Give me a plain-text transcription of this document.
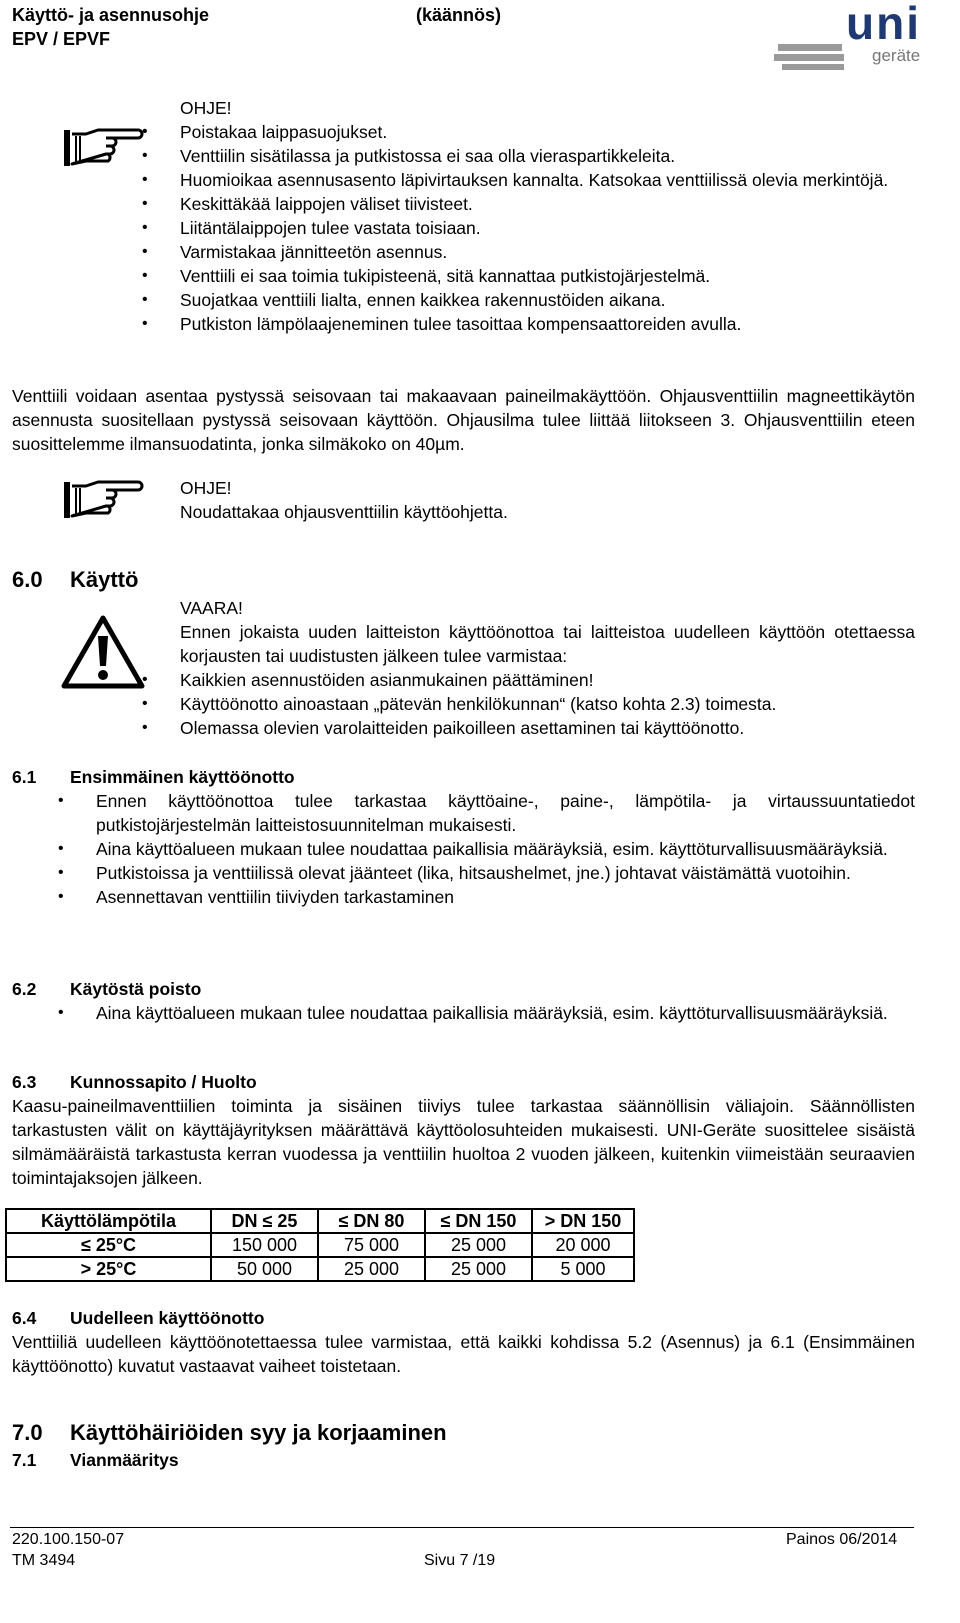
Käyttö- ja asennusohje
EPV / EPVF
(käännös)	uni
geräte
OHJE!
• Poistakaa laippasuojukset.
• Venttiilin sisätilassa ja putkistossa ei saa olla vieraspartikkeleita.
• Huomioikaa asennusasento läpivirtauksen kannalta. Katsokaa venttiilissä olevia merkintöjä.
• Keskittäkää laippojen väliset tiivisteet.
• Liitäntälaippojen tulee vastata toisiaan.
• Varmistakaa jännitteetön asennus.
• Venttiili ei saa toimia tukipisteenä, sitä kannattaa putkistojärjestelmä.
• Suojatkaa venttiili lialta, ennen kaikkea rakennustöiden aikana.
• Putkiston lämpölaajeneminen tulee tasoittaa kompensaattoreiden avulla.
Venttiili voidaan asentaa pystyssä seisovaan tai makaavaan paineilmakäyttöön. Ohjausventtiilin magneettikäytön asennusta suositellaan pystyssä seisovaan käyttöön. Ohjausilma tulee liittää liitokseen 3. Ohjausventtiilin eteen suosittelemme ilmansuodatinta, jonka silmäkoko on 40µm.
OHJE!
Noudattakaa ohjausventtiilin käyttöohjetta.
6.0 Käyttö
VAARA!
Ennen jokaista uuden laitteiston käyttöönottoa tai laitteistoa uudelleen käyttöön otettaessa korjausten tai uudistusten jälkeen tulee varmistaa:
• Kaikkien asennustöiden asianmukainen päättäminen!
• Käyttöönotto ainoastaan „pätevän henkilökunnan“ (katso kohta 2.3) toimesta.
• Olemassa olevien varolaitteiden paikoilleen asettaminen tai käyttöönotto.
6.1 Ensimmäinen käyttöönotto
• Ennen käyttöönottoa tulee tarkastaa käyttöaine-, paine-, lämpötila- ja virtaussuuntatiedot putkistojärjestelmän laitteistosuunnitelman mukaisesti.
• Aina käyttöalueen mukaan tulee noudattaa paikallisia määräyksiä, esim. käyttöturvallisuusmääräyksiä.
• Putkistoissa ja venttiilissä olevat jäänteet (lika, hitsaushelmet, jne.) johtavat väistämättä vuotoihin.
• Asennettavan venttiilin tiiviyden tarkastaminen
6.2 Käytöstä poisto
• Aina käyttöalueen mukaan tulee noudattaa paikallisia määräyksiä, esim. käyttöturvallisuusmääräyksiä.
6.3 Kunnossapito / Huolto
Kaasu-paineilmaventtiilien toiminta ja sisäinen tiiviys tulee tarkastaa säännöllisin väliajoin. Säännöllisten tarkastusten välit on käyttäjäyrityksen määrättävä käyttöolosuhteiden mukaisesti. UNI-Geräte suosittelee sisäistä silmämääräistä tarkastusta kerran vuodessa ja venttiilin huoltoa 2 vuoden jälkeen, kuitenkin viimeistään seuraavien toimintajaksojen jälkeen.
Käyttölämpötila	DN ≤ 25	≤ DN 80	≤ DN 150	> DN 150
≤ 25°C	150 000	75 000	25 000	20 000
> 25°C	50 000	25 000	25 000	5 000
6.4 Uudelleen käyttöönotto
Venttiiliä uudelleen käyttöönotettaessa tulee varmistaa, että kaikki kohdissa 5.2 (Asennus) ja 6.1 (Ensimmäinen käyttöönotto) kuvatut vastaavat vaiheet toistetaan.
7.0 Käyttöhäiriöiden syy ja korjaaminen
7.1 Vianmääritys
220.100.150-07
TM 3494	Sivu 7 /19
Painos 06/2014
